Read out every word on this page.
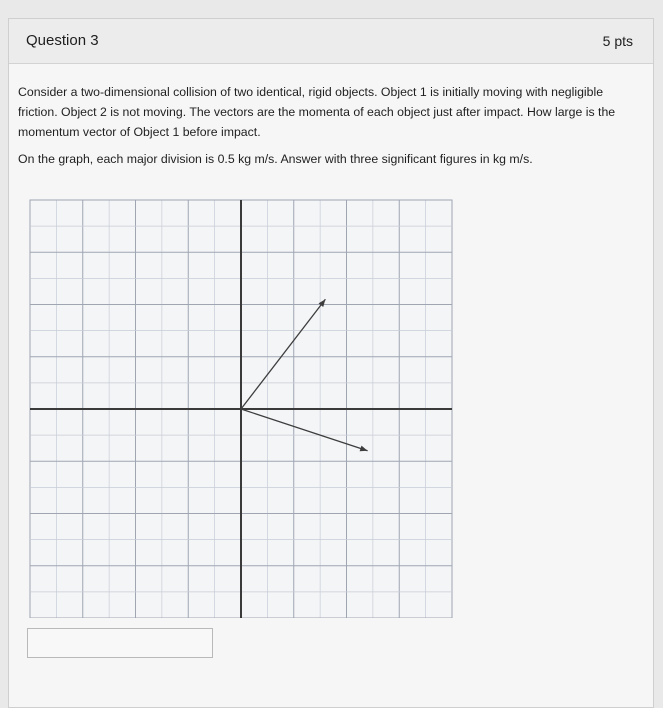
Question 3	5 pts

Consider a two-dimensional collision of two identical, rigid objects. Object 1 is initially moving with negligible friction. Object 2 is not moving. The vectors are the momenta of each object just after impact. How large is the momentum vector of Object 1 before impact.

On the graph, each major division is 0.5 kg m/s. Answer with three significant figures in kg m/s.
